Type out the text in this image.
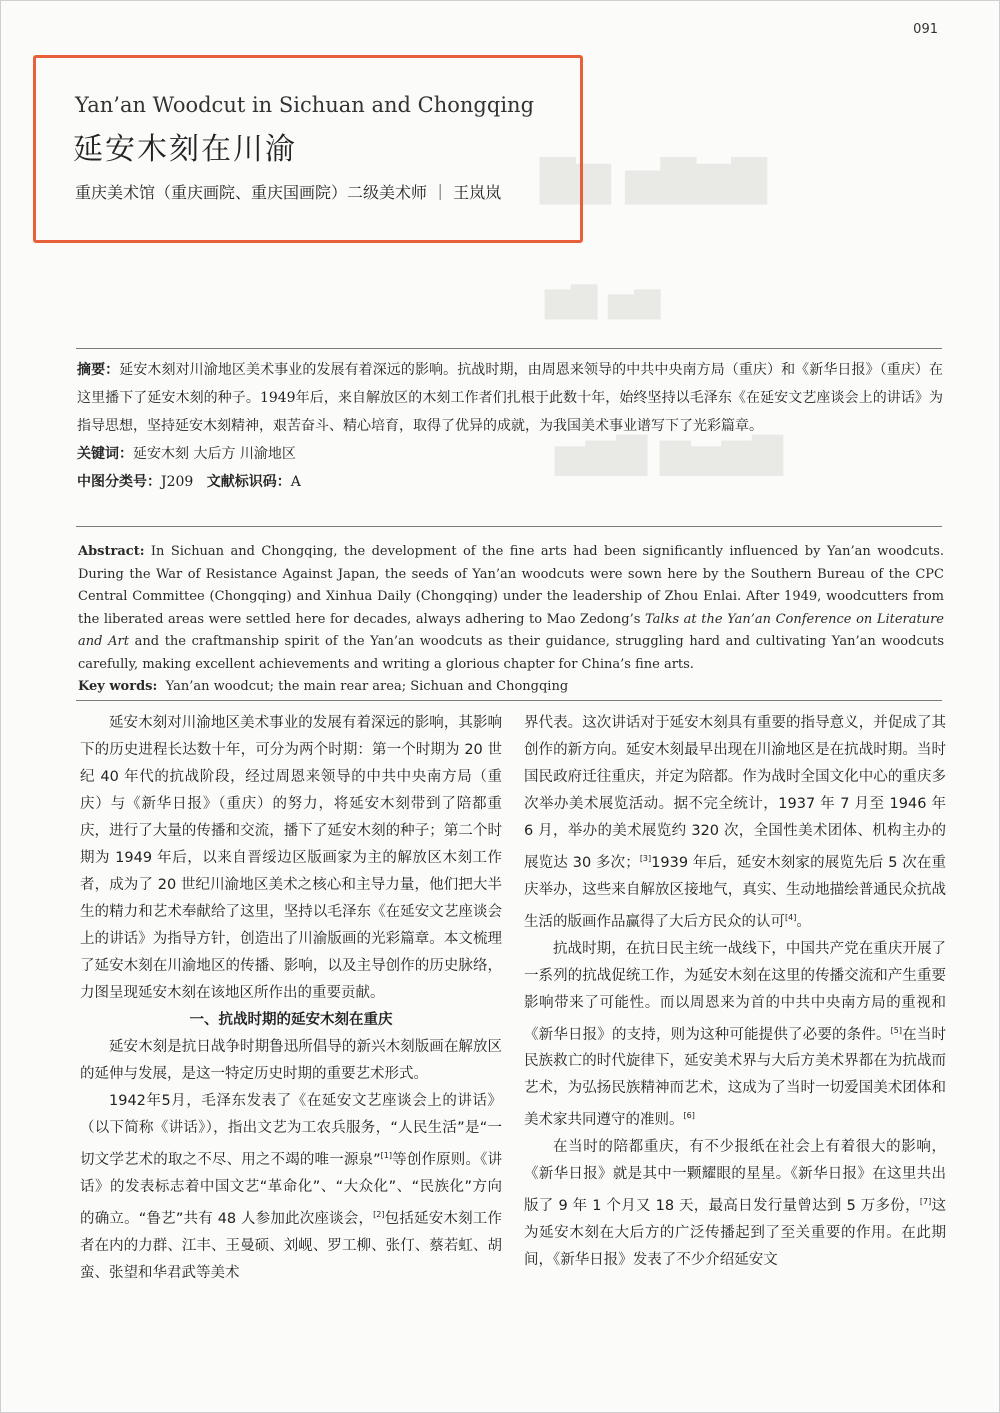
091
▇▆ ▅▇▆▇
▆▇ ▅▆
▅▆▇ ▆▅▆▇
Yan’an Woodcut in Sichuan and Chongqing
延安木刻在川渝
重庆美术馆（重庆画院、重庆国画院）二级美术师 ｜ 王岚岚
摘要：延安木刻对川渝地区美术事业的发展有着深远的影响。抗战时期，由周恩来领导的中共中央南方局（重庆）和《新华日报》（重庆）在这里播下了延安木刻的种子。1949年后，来自解放区的木刻工作者们扎根于此数十年，始终坚持以毛泽东《在延安文艺座谈会上的讲话》为指导思想，坚持延安木刻精神，艰苦奋斗、精心培育，取得了优异的成就，为我国美术事业谱写下了光彩篇章。
关键词：延安木刻 大后方 川渝地区
中图分类号：J209 文献标识码：A
Abstract: In Sichuan and Chongqing, the development of the fine arts had been significantly influenced by Yan’an woodcuts. During the War of Resistance Against Japan, the seeds of Yan’an woodcuts were sown here by the Southern Bureau of the CPC Central Committee (Chongqing) and Xinhua Daily (Chongqing) under the leadership of Zhou Enlai. After 1949, woodcutters from the liberated areas were settled here for decades, always adhering to Mao Zedong’s Talks at the Yan’an Conference on Literature and Art and the craftmanship spirit of the Yan’an woodcuts as their guidance, struggling hard and cultivating Yan’an woodcuts carefully, making excellent achievements and writing a glorious chapter for China’s fine arts.
Key words: Yan’an woodcut; the main rear area; Sichuan and Chongqing

延安木刻对川渝地区美术事业的发展有着深远的影响，其影响下的历史进程长达数十年，可分为两个时期：第一个时期为 20 世纪 40 年代的抗战阶段，经过周恩来领导的中共中央南方局（重庆）与《新华日报》（重庆）的努力，将延安木刻带到了陪都重庆，进行了大量的传播和交流，播下了延安木刻的种子；第二个时期为 1949 年后，以来自晋绥边区版画家为主的解放区木刻工作者，成为了 20 世纪川渝地区美术之核心和主导力量，他们把大半生的精力和艺术奉献给了这里，坚持以毛泽东《在延安文艺座谈会上的讲话》为指导方针，创造出了川渝版画的光彩篇章。本文梳理了延安木刻在川渝地区的传播、影响，以及主导创作的历史脉络，力图呈现延安木刻在该地区所作出的重要贡献。

一、抗战时期的延安木刻在重庆

延安木刻是抗日战争时期鲁迅所倡导的新兴木刻版画在解放区的延伸与发展，是这一特定历史时期的重要艺术形式。

1942年5月，毛泽东发表了《在延安文艺座谈会上的讲话》（以下简称《讲话》），指出文艺为工农兵服务，“人民生活”是“一切文学艺术的取之不尽、用之不竭的唯一源泉”[1]等创作原则。《讲话》的发表标志着中国文艺“革命化”、“大众化”、“民族化”方向的确立。“鲁艺”共有 48 人参加此次座谈会，[2]包括延安木刻工作者在内的力群、江丰、王曼硕、刘岘、罗工柳、张仃、蔡若虹、胡蛮、张望和华君武等美术

界代表。这次讲话对于延安木刻具有重要的指导意义，并促成了其创作的新方向。延安木刻最早出现在川渝地区是在抗战时期。当时国民政府迁往重庆，并定为陪都。作为战时全国文化中心的重庆多次举办美术展览活动。据不完全统计，1937 年 7 月至 1946 年 6 月，举办的美术展览约 320 次，全国性美术团体、机构主办的展览达 30 多次；[3]1939 年后，延安木刻家的展览先后 5 次在重庆举办，这些来自解放区接地气，真实、生动地描绘普通民众抗战生活的版画作品赢得了大后方民众的认可[4]。

抗战时期，在抗日民主统一战线下，中国共产党在重庆开展了一系列的抗战促统工作，为延安木刻在这里的传播交流和产生重要影响带来了可能性。而以周恩来为首的中共中央南方局的重视和《新华日报》的支持，则为这种可能提供了必要的条件。[5]在当时民族救亡的时代旋律下，延安美术界与大后方美术界都在为抗战而艺术，为弘扬民族精神而艺术，这成为了当时一切爱国美术团体和美术家共同遵守的准则。[6]

在当时的陪都重庆，有不少报纸在社会上有着很大的影响，《新华日报》就是其中一颗耀眼的星星。《新华日报》在这里共出版了 9 年 1 个月又 18 天，最高日发行量曾达到 5 万多份，[7]这为延安木刻在大后方的广泛传播起到了至关重要的作用。在此期间，《新华日报》发表了不少介绍延安文
